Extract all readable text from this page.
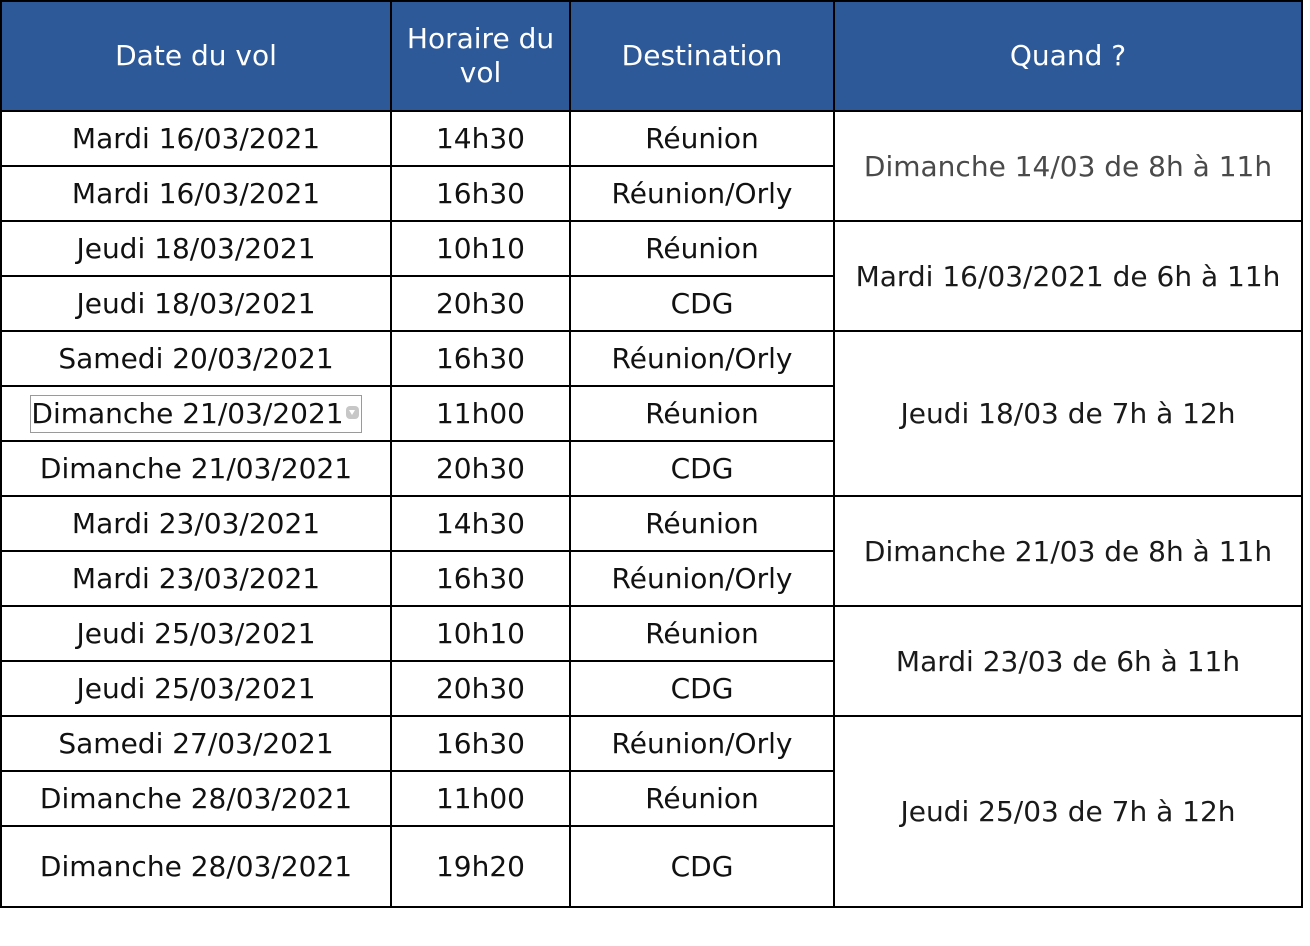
Date du vol	Horaire du vol	Destination	Quand ?
Mardi 16/03/2021	14h30	Réunion	Dimanche 14/03 de 8h à 11h
Mardi 16/03/2021	16h30	Réunion/Orly	
Jeudi 18/03/2021	10h10	Réunion	Mardi 16/03/2021 de 6h à 11h
Jeudi 18/03/2021	20h30	CDG	
Samedi 20/03/2021	16h30	Réunion/Orly	Jeudi 18/03 de 7h à 12h
Dimanche 21/03/2021	11h00	Réunion	
Dimanche 21/03/2021	20h30	CDG	
Mardi 23/03/2021	14h30	Réunion	Dimanche 21/03 de 8h à 11h
Mardi 23/03/2021	16h30	Réunion/Orly	
Jeudi 25/03/2021	10h10	Réunion	Mardi 23/03 de 6h à 11h
Jeudi 25/03/2021	20h30	CDG	
Samedi 27/03/2021	16h30	Réunion/Orly	Jeudi 25/03 de 7h à 12h
Dimanche 28/03/2021	11h00	Réunion	
Dimanche 28/03/2021	19h20	CDG	
